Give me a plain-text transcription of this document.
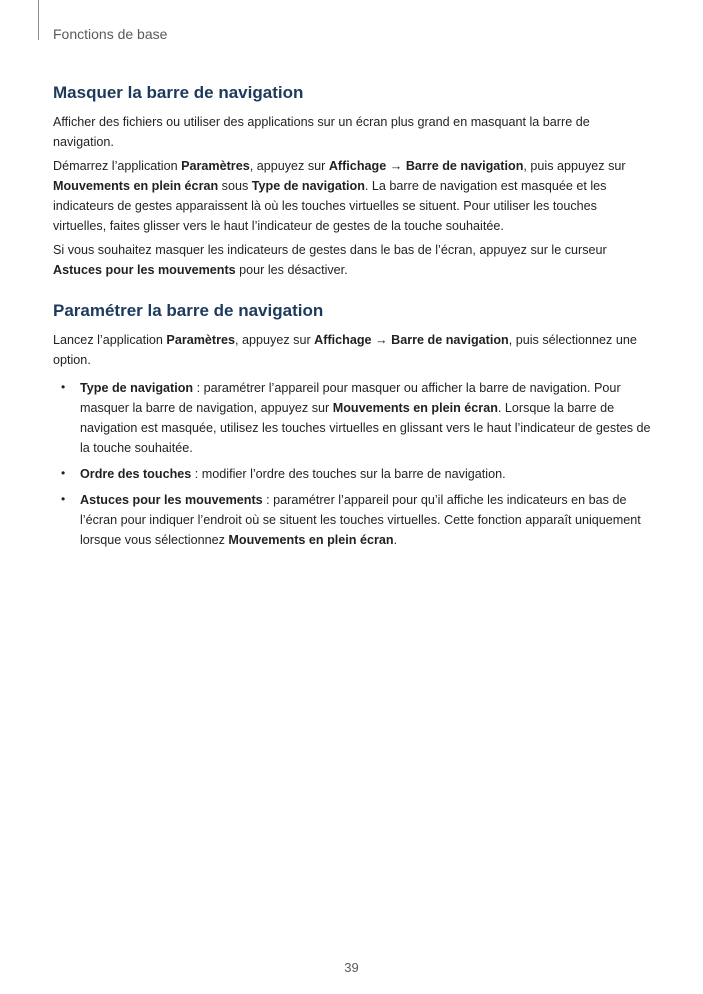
Fonctions de base
Masquer la barre de navigation

Afficher des fichiers ou utiliser des applications sur un écran plus grand en masquant la barre de navigation.

Démarrez l’application Paramètres, appuyez sur Affichage → Barre de navigation, puis appuyez sur Mouvements en plein écran sous Type de navigation. La barre de navigation est masquée et les indicateurs de gestes apparaissent là où les touches virtuelles se situent. Pour utiliser les touches virtuelles, faites glisser vers le haut l’indicateur de gestes de la touche souhaitée.

Si vous souhaitez masquer les indicateurs de gestes dans le bas de l’écran, appuyez sur le curseur Astuces pour les mouvements pour les désactiver.

Paramétrer la barre de navigation

Lancez l’application Paramètres, appuyez sur Affichage → Barre de navigation, puis sélectionnez une option.

• Type de navigation : paramétrer l’appareil pour masquer ou afficher la barre de navigation. Pour masquer la barre de navigation, appuyez sur Mouvements en plein écran. Lorsque la barre de navigation est masquée, utilisez les touches virtuelles en glissant vers le haut l’indicateur de gestes de la touche souhaitée.
• Ordre des touches : modifier l’ordre des touches sur la barre de navigation.
• Astuces pour les mouvements : paramétrer l’appareil pour qu’il affiche les indicateurs en bas de l’écran pour indiquer l’endroit où se situent les touches virtuelles. Cette fonction apparaît uniquement lorsque vous sélectionnez Mouvements en plein écran.
39
